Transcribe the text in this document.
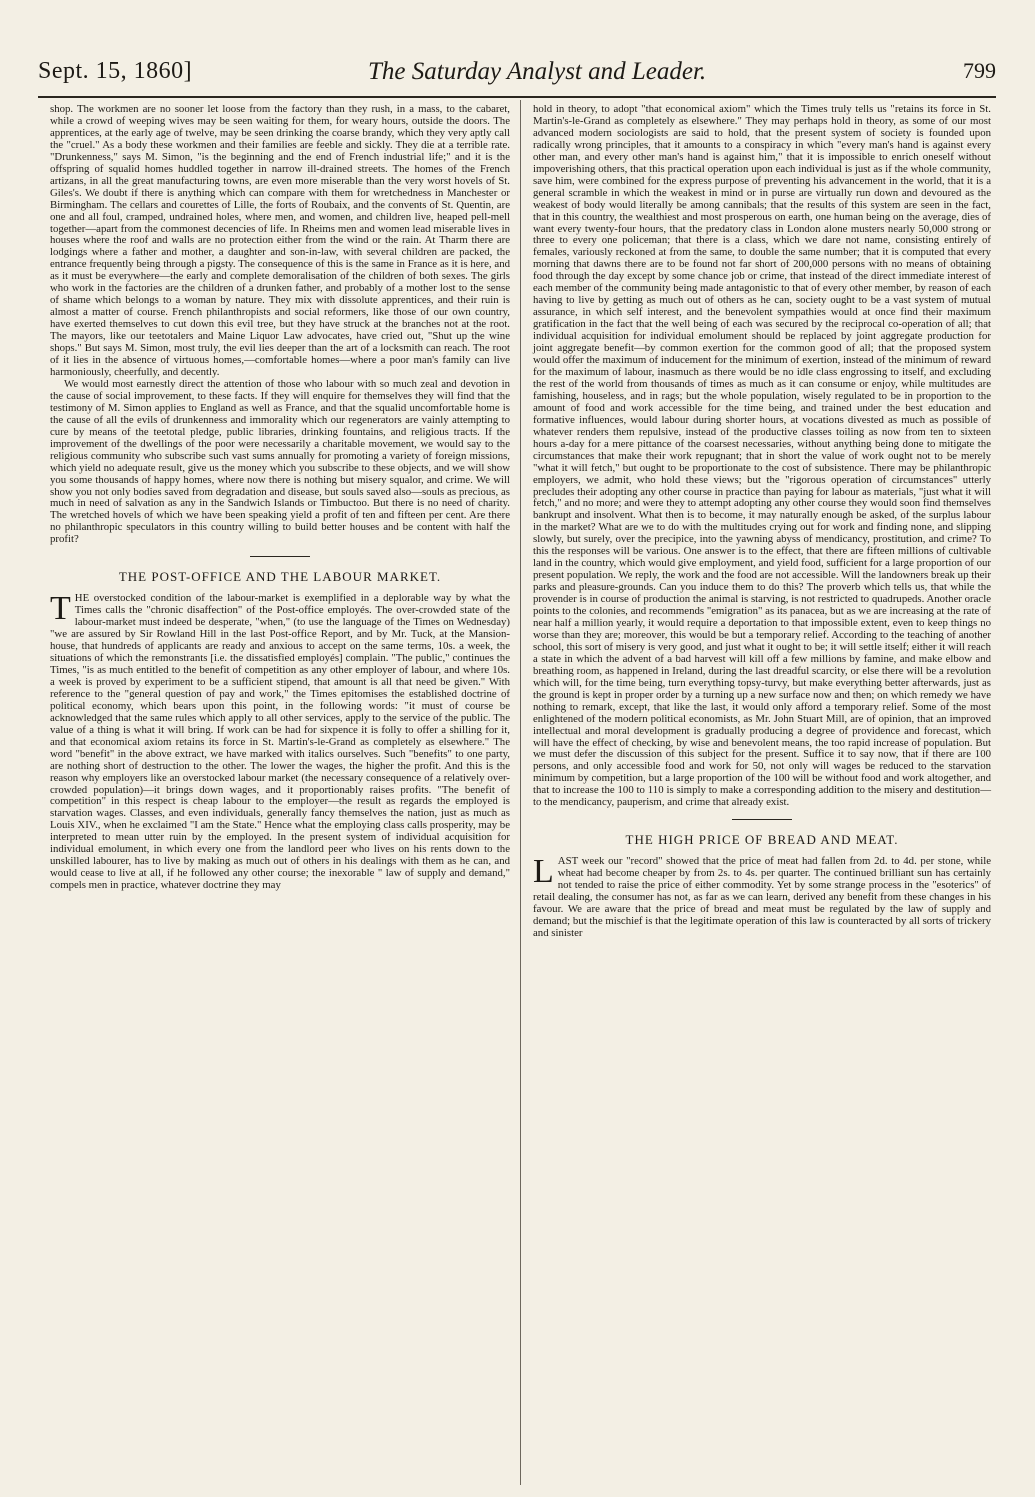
Sept. 15, 1860]	The Saturday Analyst and Leader.	799

shop. The workmen are no sooner let loose from the factory than they rush, in a mass, to the cabaret, while a crowd of weeping wives may be seen waiting for them, for weary hours, outside the doors. The apprentices, at the early age of twelve, may be seen drinking the coarse brandy, which they very aptly call the "cruel." As a body these workmen and their families are feeble and sickly. They die at a terrible rate. "Drunkenness," says M. Simon, "is the beginning and the end of French industrial life;" and it is the offspring of squalid homes huddled together in narrow ill-drained streets. The homes of the French artizans, in all the great manufacturing towns, are even more miserable than the very worst hovels of St. Giles's. We doubt if there is anything which can compare with them for wretchedness in Manchester or Birmingham. The cellars and courettes of Lille, the forts of Roubaix, and the convents of St. Quentin, are one and all foul, cramped, undrained holes, where men, and women, and children live, heaped pell-mell together—apart from the commonest decencies of life. In Rheims men and women lead miserable lives in houses where the roof and walls are no protection either from the wind or the rain. At Tharm there are lodgings where a father and mother, a daughter and son-in-law, with several children are packed, the entrance frequently being through a pigsty. The consequence of this is the same in France as it is here, and as it must be everywhere—the early and complete demoralisation of the children of both sexes. The girls who work in the factories are the children of a drunken father, and probably of a mother lost to the sense of shame which belongs to a woman by nature. They mix with dissolute apprentices, and their ruin is almost a matter of course. French philanthropists and social reformers, like those of our own country, have exerted themselves to cut down this evil tree, but they have struck at the branches not at the root. The mayors, like our teetotalers and Maine Liquor Law advocates, have cried out, "Shut up the wine shops." But says M. Simon, most truly, the evil lies deeper than the art of a locksmith can reach. The root of it lies in the absence of virtuous homes,—comfortable homes—where a poor man's family can live harmoniously, cheerfully, and decently.

We would most earnestly direct the attention of those who labour with so much zeal and devotion in the cause of social improvement, to these facts. If they will enquire for themselves they will find that the testimony of M. Simon applies to England as well as France, and that the squalid uncomfortable home is the cause of all the evils of drunkenness and immorality which our regenerators are vainly attempting to cure by means of the teetotal pledge, public libraries, drinking fountains, and religious tracts. If the improvement of the dwellings of the poor were necessarily a charitable movement, we would say to the religious community who subscribe such vast sums annually for promoting a variety of foreign missions, which yield no adequate result, give us the money which you subscribe to these objects, and we will show you some thousands of happy homes, where now there is nothing but misery squalor, and crime. We will show you not only bodies saved from degradation and disease, but souls saved also—souls as precious, as much in need of salvation as any in the Sandwich Islands or Timbuctoo. But there is no need of charity. The wretched hovels of which we have been speaking yield a profit of ten and fifteen per cent. Are there no philanthropic speculators in this country willing to build better houses and be content with half the profit?

THE POST-OFFICE AND THE LABOUR MARKET.

THE overstocked condition of the labour-market is exemplified in a deplorable way by what the Times calls the "chronic disaffection" of the Post-office employés. The over-crowded state of the labour-market must indeed be desperate, "when," (to use the language of the Times on Wednesday) "we are assured by Sir Rowland Hill in the last Post-office Report, and by Mr. Tuck, at the Mansion-house, that hundreds of applicants are ready and anxious to accept on the same terms, 10s. a week, the situations of which the remonstrants [i.e. the dissatisfied employés] complain. "The public," continues the Times, "is as much entitled to the benefit of competition as any other employer of labour, and where 10s. a week is proved by experiment to be a sufficient stipend, that amount is all that need be given." With reference to the "general question of pay and work," the Times epitomises the established doctrine of political economy, which bears upon this point, in the following words: "it must of course be acknowledged that the same rules which apply to all other services, apply to the service of the public. The value of a thing is what it will bring. If work can be had for sixpence it is folly to offer a shilling for it, and that economical axiom retains its force in St. Martin's-le-Grand as completely as elsewhere." The word "benefit" in the above extract, we have marked with italics ourselves. Such "benefits" to one party, are nothing short of destruction to the other. The lower the wages, the higher the profit. And this is the reason why employers like an overstocked labour market (the necessary consequence of a relatively over-crowded population)—it brings down wages, and it proportionably raises profits. "The benefit of competition" in this respect is cheap labour to the employer—the result as regards the employed is starvation wages. Classes, and even individuals, generally fancy themselves the nation, just as much as Louis XIV., when he exclaimed "I am the State." Hence what the employing class calls prosperity, may be interpreted to mean utter ruin by the employed. In the present system of individual acquisition for individual emolument, in which every one from the landlord peer who lives on his rents down to the unskilled labourer, has to live by making as much out of others in his dealings with them as he can, and would cease to live at all, if he followed any other course; the inexorable " law of supply and demand," compels men in practice, whatever doctrine they may

hold in theory, to adopt "that economical axiom" which the Times truly tells us "retains its force in St. Martin's-le-Grand as completely as elsewhere." They may perhaps hold in theory, as some of our most advanced modern sociologists are said to hold, that the present system of society is founded upon radically wrong principles, that it amounts to a conspiracy in which "every man's hand is against every other man, and every other man's hand is against him," that it is impossible to enrich oneself without impoverishing others, that this practical operation upon each individual is just as if the whole community, save him, were combined for the express purpose of preventing his advancement in the world, that it is a general scramble in which the weakest in mind or in purse are virtually run down and devoured as the weakest of body would literally be among cannibals; that the results of this system are seen in the fact, that in this country, the wealthiest and most prosperous on earth, one human being on the average, dies of want every twenty-four hours, that the predatory class in London alone musters nearly 50,000 strong or three to every one policeman; that there is a class, which we dare not name, consisting entirely of females, variously reckoned at from the same, to double the same number; that it is computed that every morning that dawns there are to be found not far short of 200,000 persons with no means of obtaining food through the day except by some chance job or crime, that instead of the direct immediate interest of each member of the community being made antagonistic to that of every other member, by reason of each having to live by getting as much out of others as he can, society ought to be a vast system of mutual assurance, in which self interest, and the benevolent sympathies would at once find their maximum gratification in the fact that the well being of each was secured by the reciprocal co-operation of all; that individual acquisition for individual emolument should be replaced by joint aggregate production for joint aggregate benefit—by common exertion for the common good of all; that the proposed system would offer the maximum of inducement for the minimum of exertion, instead of the minimum of reward for the maximum of labour, inasmuch as there would be no idle class engrossing to itself, and excluding the rest of the world from thousands of times as much as it can consume or enjoy, while multitudes are famishing, houseless, and in rags; but the whole population, wisely regulated to be in proportion to the amount of food and work accessible for the time being, and trained under the best education and formative influences, would labour during shorter hours, at vocations divested as much as possible of whatever renders them repulsive, instead of the productive classes toiling as now from ten to sixteen hours a-day for a mere pittance of the coarsest necessaries, without anything being done to mitigate the circumstances that make their work repugnant; that in short the value of work ought not to be merely "what it will fetch," but ought to be proportionate to the cost of subsistence. There may be philanthropic employers, we admit, who hold these views; but the "rigorous operation of circumstances" utterly precludes their adopting any other course in practice than paying for labour as materials, "just what it will fetch," and no more; and were they to attempt adopting any other course they would soon find themselves bankrupt and insolvent. What then is to become, it may naturally enough be asked, of the surplus labour in the market? What are we to do with the multitudes crying out for work and finding none, and slipping slowly, but surely, over the precipice, into the yawning abyss of mendicancy, prostitution, and crime? To this the responses will be various. One answer is to the effect, that there are fifteen millions of cultivable land in the country, which would give employment, and yield food, sufficient for a large proportion of our present population. We reply, the work and the food are not accessible. Will the landowners break up their parks and pleasure-grounds. Can you induce them to do this? The proverb which tells us, that while the provender is in course of production the animal is starving, is not restricted to quadrupeds. Another oracle points to the colonies, and recommends "emigration" as its panacea, but as we are increasing at the rate of near half a million yearly, it would require a deportation to that impossible extent, even to keep things no worse than they are; moreover, this would be but a temporary relief. According to the teaching of another school, this sort of misery is very good, and just what it ought to be; it will settle itself; either it will reach a state in which the advent of a bad harvest will kill off a few millions by famine, and make elbow and breathing room, as happened in Ireland, during the last dreadful scarcity, or else there will be a revolution which will, for the time being, turn everything topsy-turvy, but make everything better afterwards, just as the ground is kept in proper order by a turning up a new surface now and then; on which remedy we have nothing to remark, except, that like the last, it would only afford a temporary relief. Some of the most enlightened of the modern political economists, as Mr. John Stuart Mill, are of opinion, that an improved intellectual and moral development is gradually producing a degree of providence and forecast, which will have the effect of checking, by wise and benevolent means, the too rapid increase of population. But we must defer the discussion of this subject for the present. Suffice it to say now, that if there are 100 persons, and only accessible food and work for 50, not only will wages be reduced to the starvation minimum by competition, but a large proportion of the 100 will be without food and work altogether, and that to increase the 100 to 110 is simply to make a corresponding addition to the misery and destitution—to the mendicancy, pauperism, and crime that already exist.

THE HIGH PRICE OF BREAD AND MEAT.

LAST week our "record" showed that the price of meat had fallen from 2d. to 4d. per stone, while wheat had become cheaper by from 2s. to 4s. per quarter. The continued brilliant sun has certainly not tended to raise the price of either commodity. Yet by some strange process in the "esoterics" of retail dealing, the consumer has not, as far as we can learn, derived any benefit from these changes in his favour. We are aware that the price of bread and meat must be regulated by the law of supply and demand; but the mischief is that the legitimate operation of this law is counteracted by all sorts of trickery and sinister
